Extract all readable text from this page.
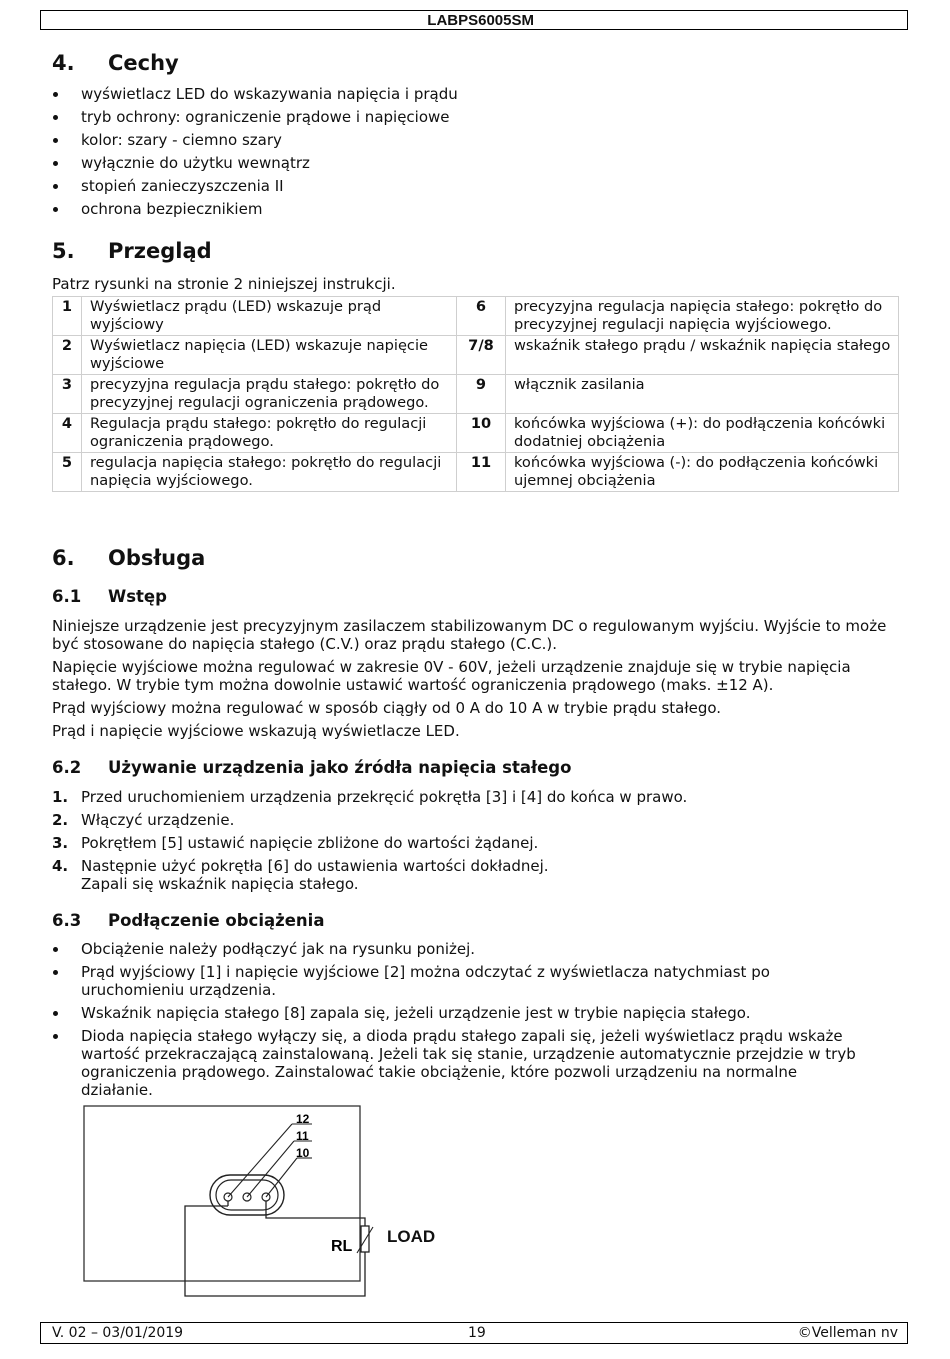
LABPS6005SM
4. Cechy
wyświetlacz LED do wskazywania napięcia i prądu
tryb ochrony: ograniczenie prądowe i napięciowe
kolor: szary - ciemno szary
wyłącznie do użytku wewnątrz
stopień zanieczyszczenia II
ochrona bezpiecznikiem
5. Przegląd

Patrz rysunki na stronie 2 niniejszej instrukcji.

1	Wyświetlacz prądu (LED) wskazuje prąd wyjściowy	6	precyzyjna regulacja napięcia stałego: pokrętło do precyzyjnej regulacji napięcia wyjściowego.
2	Wyświetlacz napięcia (LED) wskazuje napięcie wyjściowe	7/8	wskaźnik stałego prądu / wskaźnik napięcia stałego
3	precyzyjna regulacja prądu stałego: pokrętło do precyzyjnej regulacji ograniczenia prądowego.	9	włącznik zasilania
4	Regulacja prądu stałego: pokrętło do regulacji ograniczenia prądowego.	10	końcówka wyjściowa (+): do podłączenia końcówki dodatniej obciążenia
5	regulacja napięcia stałego: pokrętło do regulacji napięcia wyjściowego.	11	końcówka wyjściowa (-): do podłączenia końcówki ujemnej obciążenia
6. Obsługa
6.1 Wstęp

Niniejsze urządzenie jest precyzyjnym zasilaczem stabilizowanym DC o regulowanym wyjściu. Wyjście to może być stosowane do napięcia stałego (C.V.) oraz prądu stałego (C.C.).

Napięcie wyjściowe można regulować w zakresie 0V - 60V, jeżeli urządzenie znajduje się w trybie napięcia stałego. W trybie tym można dowolnie ustawić wartość ograniczenia prądowego (maks. ±12 A).

Prąd wyjściowy można regulować w sposób ciągły od 0 A do 10 A w trybie prądu stałego.

Prąd i napięcie wyjściowe wskazują wyświetlacze LED.

6.2 Używanie urządzenia jako źródła napięcia stałego
1. Przed uruchomieniem urządzenia przekręcić pokrętła [3] i [4] do końca w prawo.
2. Włączyć urządzenie.
3. Pokrętłem [5] ustawić napięcie zbliżone do wartości żądanej.
4. Następnie użyć pokrętła [6] do ustawienia wartości dokładnej.
Zapali się wskaźnik napięcia stałego.
6.3 Podłączenie obciążenia
Obciążenie należy podłączyć jak na rysunku poniżej.
Prąd wyjściowy [1] i napięcie wyjściowe [2] można odczytać z wyświetlacza natychmiast po uruchomieniu urządzenia.
Wskaźnik napięcia stałego [8] zapala się, jeżeli urządzenie jest w trybie napięcia stałego.
Dioda napięcia stałego wyłączy się, a dioda prądu stałego zapali się, jeżeli wyświetlacz prądu wskaże wartość przekraczającą zainstalowaną. Jeżeli tak się stanie, urządzenie automatycznie przejdzie w tryb ograniczenia prądowego. Zainstalować takie obciążenie, które pozwoli urządzeniu na normalne działanie.
12
11
10
RL
LOAD
V. 02 – 03/01/2019	19	©Velleman nv
